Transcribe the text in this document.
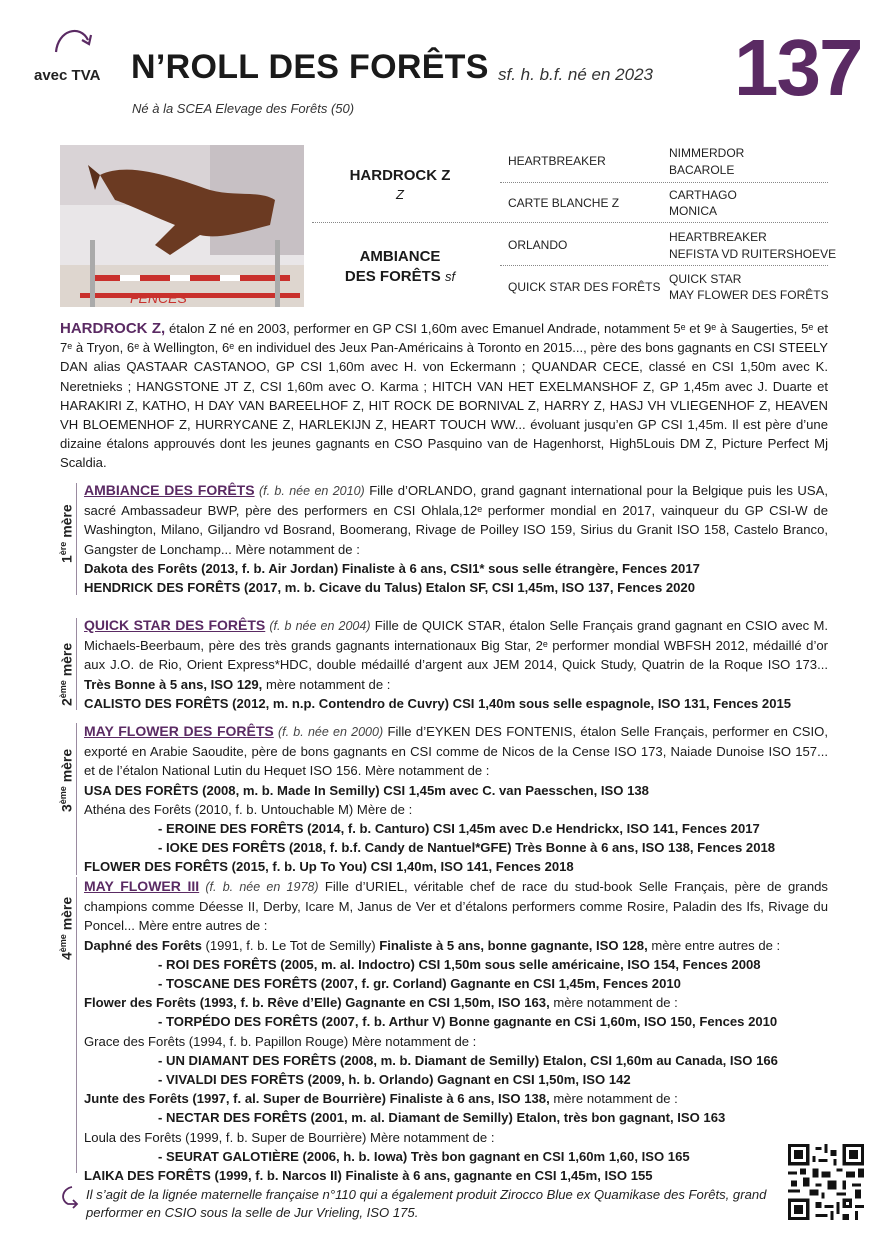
avec TVA N’ROLL DES FORÊTS sf. h. b.f. né en 2023 137
Né à la SCEA Elevage des Forêts (50)
FENCES
HARDROCK Z
Z
AMBIANCE
DES FORÊTS sf
HEARTBREAKER
CARTE BLANCHE Z
ORLANDO
QUICK STAR DES FORÊTS
NIMMERDOR
BACAROLE
CARTHAGO
MONICA
HEARTBREAKER
NEFISTA VD RUITERSHOEVE
QUICK STAR
MAY FLOWER DES FORÊTS
HARDROCK Z, étalon Z né en 2003, performer en GP CSI 1,60m avec Emanuel Andrade, notamment 5ᵉ et 9ᵉ à Saugerties, 5ᵉ et 7ᵉ à Tryon, 6ᵉ à Wellington, 6ᵉ en individuel des Jeux Pan-Américains à Toronto en 2015..., père des bons gagnants en CSI STEELY DAN alias QASTAAR CASTANOO, GP CSI 1,60m avec H. von Eckermann ; QUANDAR CECE, classé en CSI 1,50m avec K. Neretnieks ; HANGSTONE JT Z, CSI 1,60m avec O. Karma ; HITCH VAN HET EXELMANSHOF Z, GP 1,45m avec J. Duarte et HARAKIRI Z, KATHO, H DAY VAN BAREELHOF Z, HIT ROCK DE BORNIVAL Z, HARRY Z, HASJ VH VLIEGENHOF Z, HEAVEN VH BLOEMENHOF Z, HURRYCANE Z, HARLEKIJN Z, HEART TOUCH WW... évoluant jusqu’en GP CSI 1,45m. Il est père d’une dizaine étalons approuvés dont les jeunes gagnants en CSO Pasquino van de Hagenhorst, High5Louis DM Z, Picture Perfect Mj Scaldia.
1ère mère
2ème mère
3ème mère
4ème mère
AMBIANCE DES FORÊTS (f. b. née en 2010) Fille d’ORLANDO, grand gagnant international pour la Belgique puis les USA, sacré Ambassadeur BWP, père des performers en CSI Ohlala,12ᵉ performer mondial en 2017, vainqueur du GP CSI-W de Washington, Milano, Giljandro vd Bosrand, Boomerang, Rivage de Poilley ISO 159, Sirius du Granit ISO 158, Castelo Branco, Gangster de Lonchamp... Mère notamment de :
Dakota des Forêts (2013, f. b. Air Jordan) Finaliste à 6 ans, CSI1* sous selle étrangère, Fences 2017
HENDRICK DES FORÊTS (2017, m. b. Cicave du Talus) Etalon SF, CSI 1,45m, ISO 137, Fences 2020
QUICK STAR DES FORÊTS (f. b née en 2004) Fille de QUICK STAR, étalon Selle Français grand gagnant en CSIO avec M. Michaels-Beerbaum, père des très grands gagnants internationaux Big Star, 2ᵉ performer mondial WBFSH 2012, médaillé d’or aux J.O. de Rio, Orient Express*HDC, double médaillé d’argent aux JEM 2014, Quick Study, Quatrin de la Roque ISO 173... Très Bonne à 5 ans, ISO 129, mère notamment de :
CALISTO DES FORÊTS (2012, m. n.p. Contendro de Cuvry) CSI 1,40m sous selle espagnole, ISO 131, Fences 2015
MAY FLOWER DES FORÊTS (f. b. née en 2000) Fille d’EYKEN DES FONTENIS, étalon Selle Français, performer en CSIO, exporté en Arabie Saoudite, père de bons gagnants en CSI comme de Nicos de la Cense ISO 173, Naiade Dunoise ISO 157... et de l’étalon National Lutin du Hequet ISO 156. Mère notamment de :
USA DES FORÊTS (2008, m. b. Made In Semilly) CSI 1,45m avec C. van Paesschen, ISO 138
Athéna des Forêts (2010, f. b. Untouchable M) Mère de :
- EROINE DES FORÊTS (2014, f. b. Canturo) CSI 1,45m avec D.e Hendrickx, ISO 141, Fences 2017
- IOKE DES FORÊTS (2018, f. b.f. Candy de Nantuel*GFE) Très Bonne à 6 ans, ISO 138, Fences 2018
FLOWER DES FORÊTS (2015, f. b. Up To You) CSI 1,40m, ISO 141, Fences 2018
MAY FLOWER III (f. b. née en 1978) Fille d’URIEL, véritable chef de race du stud-book Selle Français, père de grands champions comme Déesse II, Derby, Icare M, Janus de Ver et d’étalons performers comme Rosire, Paladin des Ifs, Rivage du Poncel... Mère entre autres de :
Daphné des Forêts (1991, f. b. Le Tot de Semilly) Finaliste à 5 ans, bonne gagnante, ISO 128, mère entre autres de :
- ROI DES FORÊTS (2005, m. al. Indoctro) CSI 1,50m sous selle américaine, ISO 154, Fences 2008
- TOSCANE DES FORÊTS (2007, f. gr. Corland) Gagnante en CSI 1,45m, Fences 2010
Flower des Forêts (1993, f. b. Rêve d’Elle) Gagnante en CSI 1,50m, ISO 163, mère notamment de :
- TORPÉDO DES FORÊTS (2007, f. b. Arthur V) Bonne gagnante en CSi 1,60m, ISO 150, Fences 2010
Grace des Forêts (1994, f. b. Papillon Rouge) Mère notamment de :
- UN DIAMANT DES FORÊTS (2008, m. b. Diamant de Semilly) Etalon, CSI 1,60m au Canada, ISO 166
- VIVALDI DES FORÊTS (2009, h. b. Orlando) Gagnant en CSI 1,50m, ISO 142
Junte des Forêts (1997, f. al. Super de Bourrière) Finaliste à 6 ans, ISO 138, mère notamment de :
- NECTAR DES FORÊTS (2001, m. al. Diamant de Semilly) Etalon, très bon gagnant, ISO 163
Loula des Forêts (1999, f. b. Super de Bourrière) Mère notamment de :
- SEURAT GALOTIÈRE (2006, h. b. Iowa) Très bon gagnant en CSI 1,60m 1,60, ISO 165
LAIKA DES FORÊTS (1999, f. b. Narcos II) Finaliste à 6 ans, gagnante en CSI 1,45m, ISO 155
Il s’agit de la lignée maternelle française n°110 qui a également produit Zirocco Blue ex Quamikase des Forêts, grand performer en CSIO sous la selle de Jur Vrieling, ISO 175.
